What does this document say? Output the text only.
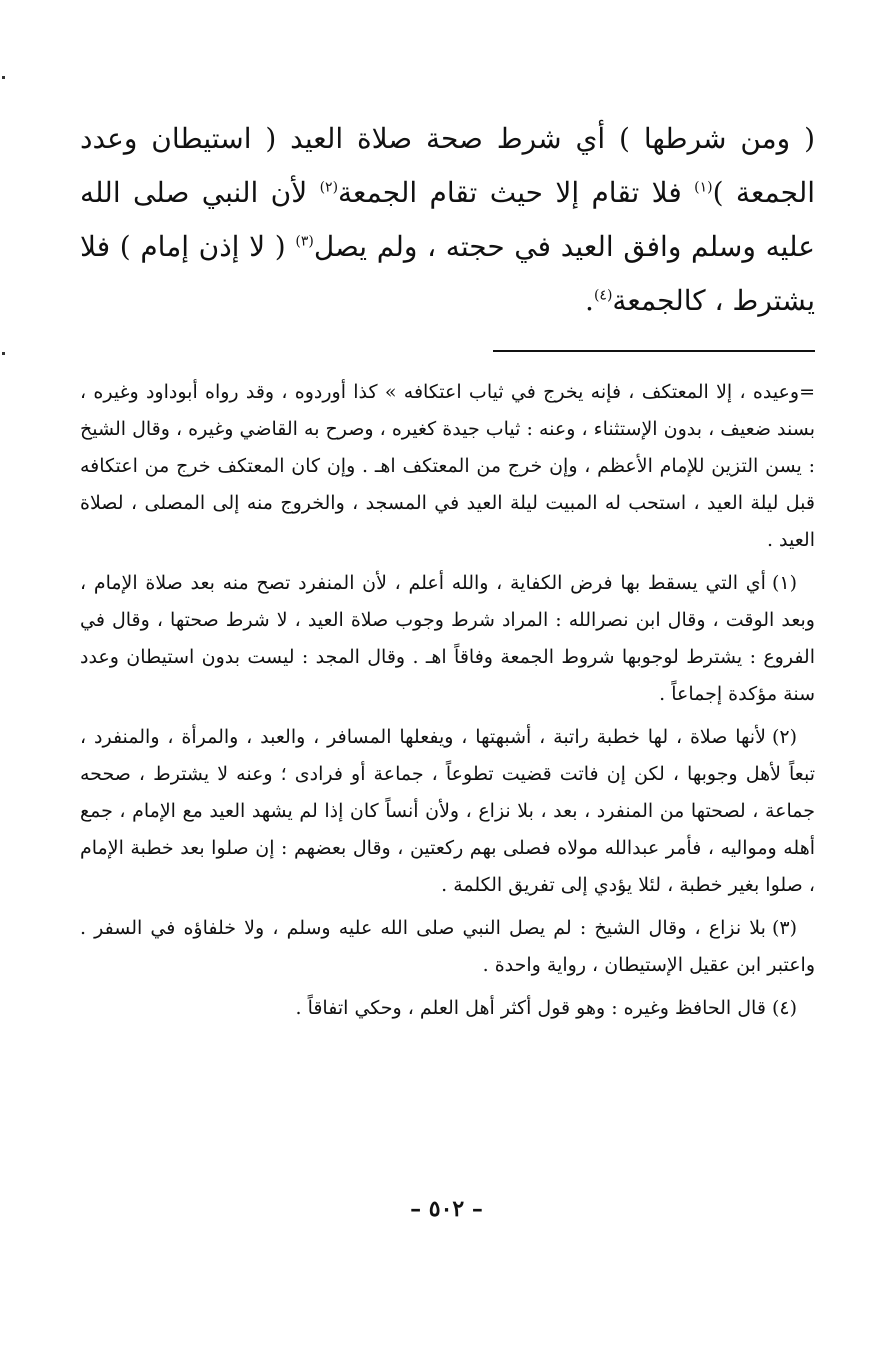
( ومن شرطها ) أي شرط صحة صلاة العيد ( استيطان وعدد الجمعة )$^{(١)}$ فلا تقام إلا حيث تقام الجمعة$^{(٢)}$ لأن النبي صلى الله عليه وسلم وافق العيد في حجته ، ولم يصل$^{(٣)}$ ( لا إذن إمام ) فلا يشترط ، كالجمعة$^{(٤)}$.

=وعيده ، إلا المعتكف ، فإنه يخرج في ثياب اعتكافه » كذا أوردوه ، وقد رواه أبوداود وغيره ، بسند ضعيف ، بدون الإستثناء ، وعنه : ثياب جيدة كغيره ، وصرح به القاضي وغيره ، وقال الشيخ : يسن التزين للإمام الأعظم ، وإن خرج من المعتكف اهـ . وإن كان المعتكف خرج من اعتكافه قبل ليلة العيد ، استحب له المبيت ليلة العيد في المسجد ، والخروج منه إلى المصلى ، لصلاة العيد .

(١)أي التي يسقط بها فرض الكفاية ، والله أعلم ، لأن المنفرد تصح منه بعد صلاة الإمام ، وبعد الوقت ، وقال ابن نصرالله : المراد شرط وجوب صلاة العيد ، لا شرط صحتها ، وقال في الفروع : يشترط لوجوبها شروط الجمعة وفاقاً اهـ . وقال المجد : ليست بدون استيطان وعدد سنة مؤكدة إجماعاً .

(٢)لأنها صلاة ، لها خطبة راتبة ، أشبهتها ، ويفعلها المسافر ، والعبد ، والمرأة ، والمنفرد ، تبعاً لأهل وجوبها ، لكن إن فاتت قضيت تطوعاً ، جماعة أو فرادى ؛ وعنه لا يشترط ، صححه جماعة ، لصحتها من المنفرد ، بعد ، بلا نزاع ، ولأن أنساً كان إذا لم يشهد العيد مع الإمام ، جمع أهله ومواليه ، فأمر عبدالله مولاه فصلى بهم ركعتين ، وقال بعضهم : إن صلوا بعد خطبة الإمام ، صلوا بغير خطبة ، لئلا يؤدي إلى تفريق الكلمة .

(٣)بلا نزاع ، وقال الشيخ : لم يصل النبي صلى الله عليه وسلم ، ولا خلفاؤه في السفر . واعتبر ابن عقيل الإستيطان ، رواية واحدة .

(٤)قال الحافظ وغيره : وهو قول أكثر أهل العلم ، وحكي اتفاقاً .

– ٥٠٢ –
